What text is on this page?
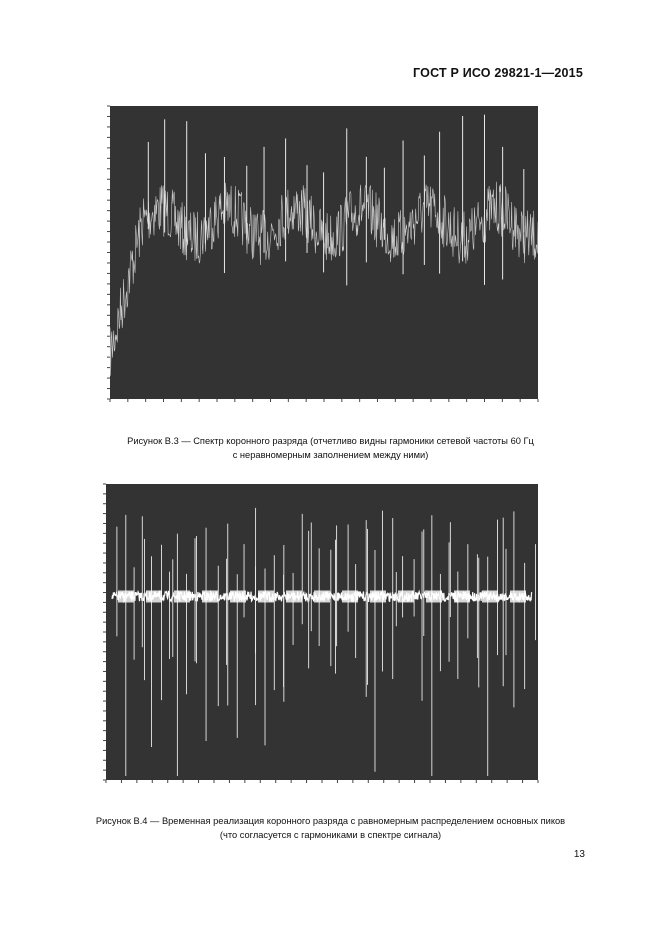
ГОСТ Р ИСО 29821-1—2015
Рисунок В.3 — Спектр коронного разряда (отчетливо видны гармоники сетевой частоты 60 Гц
с неравномерным заполнением между ними)
Рисунок В.4 — Временная реализация коронного разряда с равномерным распределением основных пиков
(что согласуется с гармониками в спектре сигнала)
13
